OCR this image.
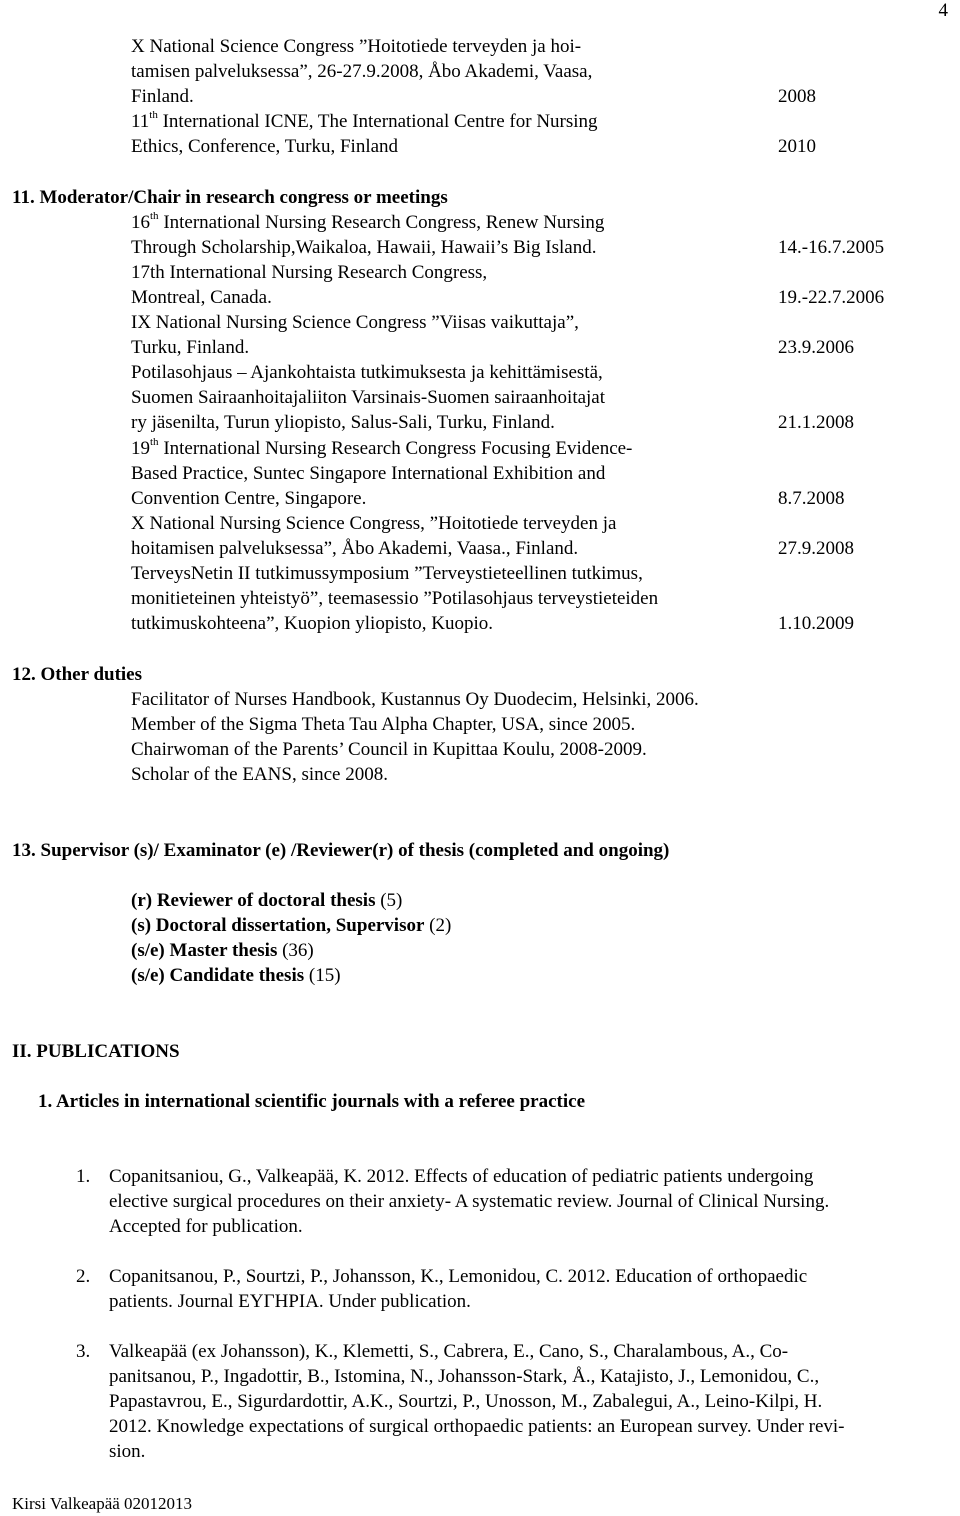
4
X National Science Congress ”Hoitotiede terveyden ja hoi-
tamisen palveluksessa”, 26-27.9.2008, Åbo Akademi, Vaasa,
Finland.	2008
11th International ICNE, The International Centre for Nursing
Ethics, Conference, Turku, Finland	2010
11. Moderator/Chair in research congress or meetings
16th International Nursing Research Congress, Renew Nursing
Through Scholarship,Waikaloa, Hawaii, Hawaii’s Big Island.	14.-16.7.2005
17th International Nursing Research Congress,
Montreal, Canada.	19.-22.7.2006
IX National Nursing Science Congress ”Viisas vaikuttaja”,
Turku, Finland.	23.9.2006
Potilasohjaus – Ajankohtaista tutkimuksesta ja kehittämisestä,
Suomen Sairaanhoitajaliiton Varsinais-Suomen sairaanhoitajat
ry jäsenilta, Turun yliopisto, Salus-Sali, Turku, Finland.	21.1.2008
19th International Nursing Research Congress Focusing Evidence-
Based Practice, Suntec Singapore International Exhibition and
Convention Centre, Singapore.	8.7.2008
X National Nursing Science Congress, ”Hoitotiede terveyden ja
hoitamisen palveluksessa”, Åbo Akademi, Vaasa., Finland.	27.9.2008
TerveysNetin II tutkimussymposium ”Terveystieteellinen tutkimus,
monitieteinen yhteistyö”, teemasessio ”Potilasohjaus terveystieteiden
tutkimuskohteena”, Kuopion yliopisto, Kuopio.	1.10.2009
12. Other duties
Facilitator of Nurses Handbook, Kustannus Oy Duodecim, Helsinki, 2006.
Member of the Sigma Theta Tau Alpha Chapter, USA, since 2005.
Chairwoman of the Parents’ Council in Kupittaa Koulu, 2008-2009.
Scholar of the EANS, since 2008.
13. Supervisor (s)/ Examinator (e) /Reviewer(r) of thesis (completed and ongoing)
(r) Reviewer of doctoral thesis (5)
(s) Doctoral dissertation, Supervisor (2)
(s/e) Master thesis (36)
(s/e) Candidate thesis (15)
II. PUBLICATIONS
1. Articles in international scientific journals with a referee practice
1. Copanitsaniou, G., Valkeapää, K. 2012. Effects of education of pediatric patients undergoing
elective surgical procedures on their anxiety- A systematic review. Journal of Clinical Nursing.
Accepted for publication.
2. Copanitsanou, P., Sourtzi, P., Johansson, K., Lemonidou, C. 2012. Education of orthopaedic
patients. Journal ΕΥΓΗΡΙΑ. Under publication.
3. Valkeapää (ex Johansson), K., Klemetti, S., Cabrera, E., Cano, S., Charalambous, A., Co-
panitsanou, P., Ingadottir, B., Istomina, N., Johansson-Stark, Å., Katajisto, J., Lemonidou, C.,
Papastavrou, E., Sigurdardottir, A.K., Sourtzi, P., Unosson, M., Zabalegui, A., Leino-Kilpi, H.
2012. Knowledge expectations of surgical orthopaedic patients: an European survey. Under revi-
sion.
Kirsi Valkeapää 02012013
